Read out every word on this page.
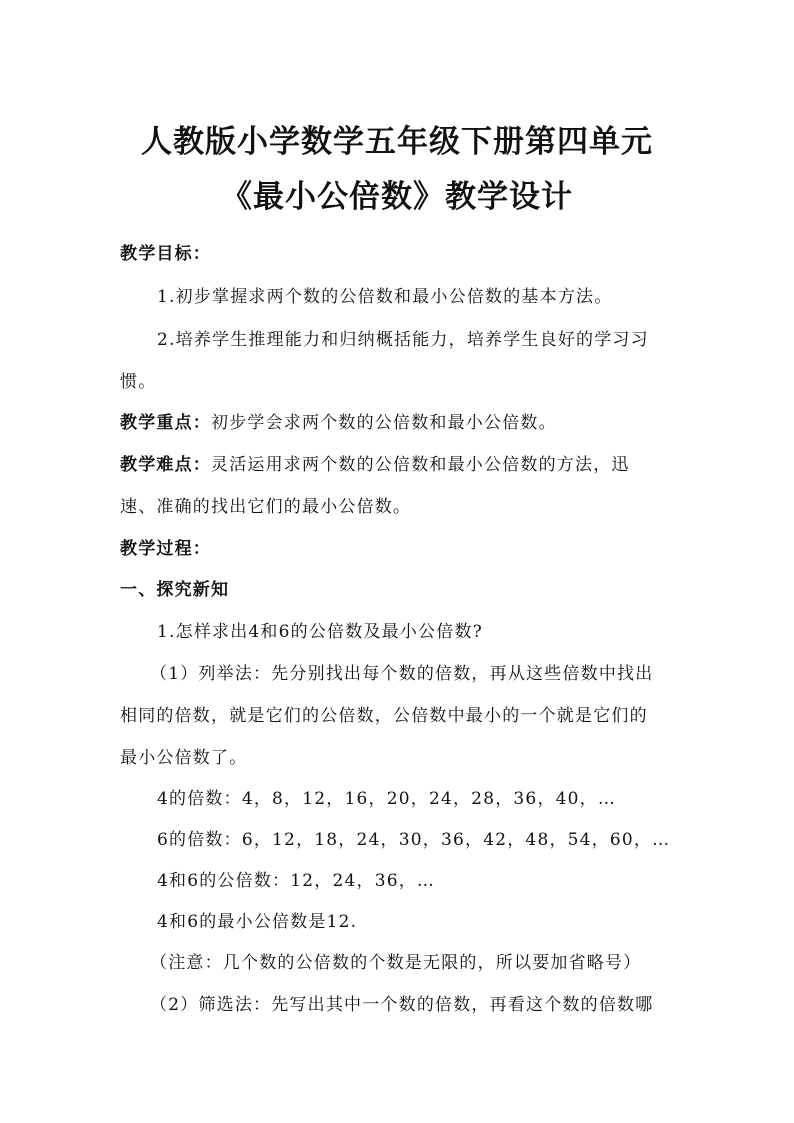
人教版小学数学五年级下册第四单元
《最小公倍数》教学设计
教学目标：
1.初步掌握求两个数的公倍数和最小公倍数的基本方法。
2.培养学生推理能力和归纳概括能力，培养学生良好的学习习
惯。
教学重点：初步学会求两个数的公倍数和最小公倍数。
教学难点：灵活运用求两个数的公倍数和最小公倍数的方法，迅
速、准确的找出它们的最小公倍数。
教学过程：
一、探究新知
1.怎样求出4和6的公倍数及最小公倍数?
（1）列举法：先分别找出每个数的倍数，再从这些倍数中找出
相同的倍数，就是它们的公倍数，公倍数中最小的一个就是它们的
最小公倍数了。
4的倍数：4，8，12，16，20，24，28，36，40，…
6的倍数：6，12，18，24，30，36，42，48，54，60，…
4和6的公倍数：12，24，36，…
4和6的最小公倍数是12.
（注意：几个数的公倍数的个数是无限的，所以要加省略号）
（2）筛选法：先写出其中一个数的倍数，再看这个数的倍数哪
